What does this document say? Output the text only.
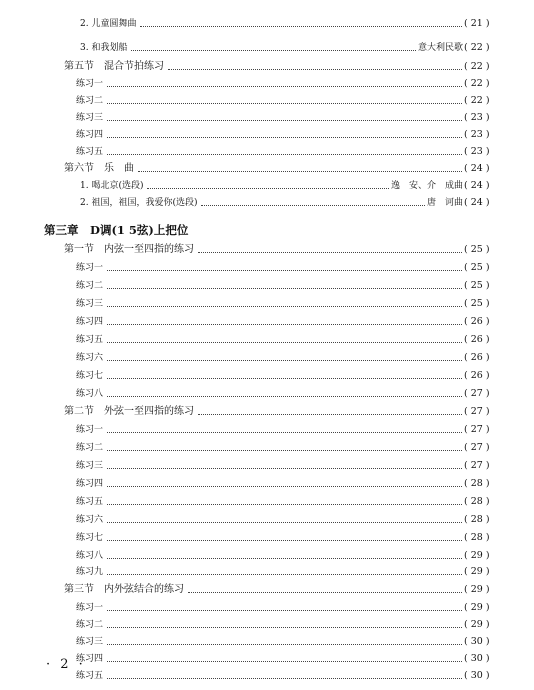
2. 儿童圆舞曲	( 21 )
3. 和我划船	意大利民歌 ( 22 )
第五节　混合节拍练习	( 22 )
练习一	( 22 )
练习二	( 22 )
练习三	( 23 )
练习四	( 23 )
练习五	( 23 )
第六节　乐　曲	( 24 )
1. 喝北京(选段)	逸　安、介　成曲 ( 24 )
2. 祖国，祖国，我爱你(选段)	唐　诃曲 ( 24 )
第三章　D调(1 5弦)上把位
第一节　内弦一至四指的练习	( 25 )
练习一	( 25 )
练习二	( 25 )
练习三	( 25 )
练习四	( 26 )
练习五	( 26 )
练习六	( 26 )
练习七	( 26 )
练习八	( 27 )
第二节　外弦一至四指的练习	( 27 )
练习一	( 27 )
练习二	( 27 )
练习三	( 27 )
练习四	( 28 )
练习五	( 28 )
练习六	( 28 )
练习七	( 28 )
练习八	( 29 )
练习九	( 29 )
第三节　内外弦结合的练习	( 29 )
练习一	( 29 )
练习二	( 29 )
练习三	( 30 )
练习四	( 30 )
练习五	( 30 )
· 2 ·
